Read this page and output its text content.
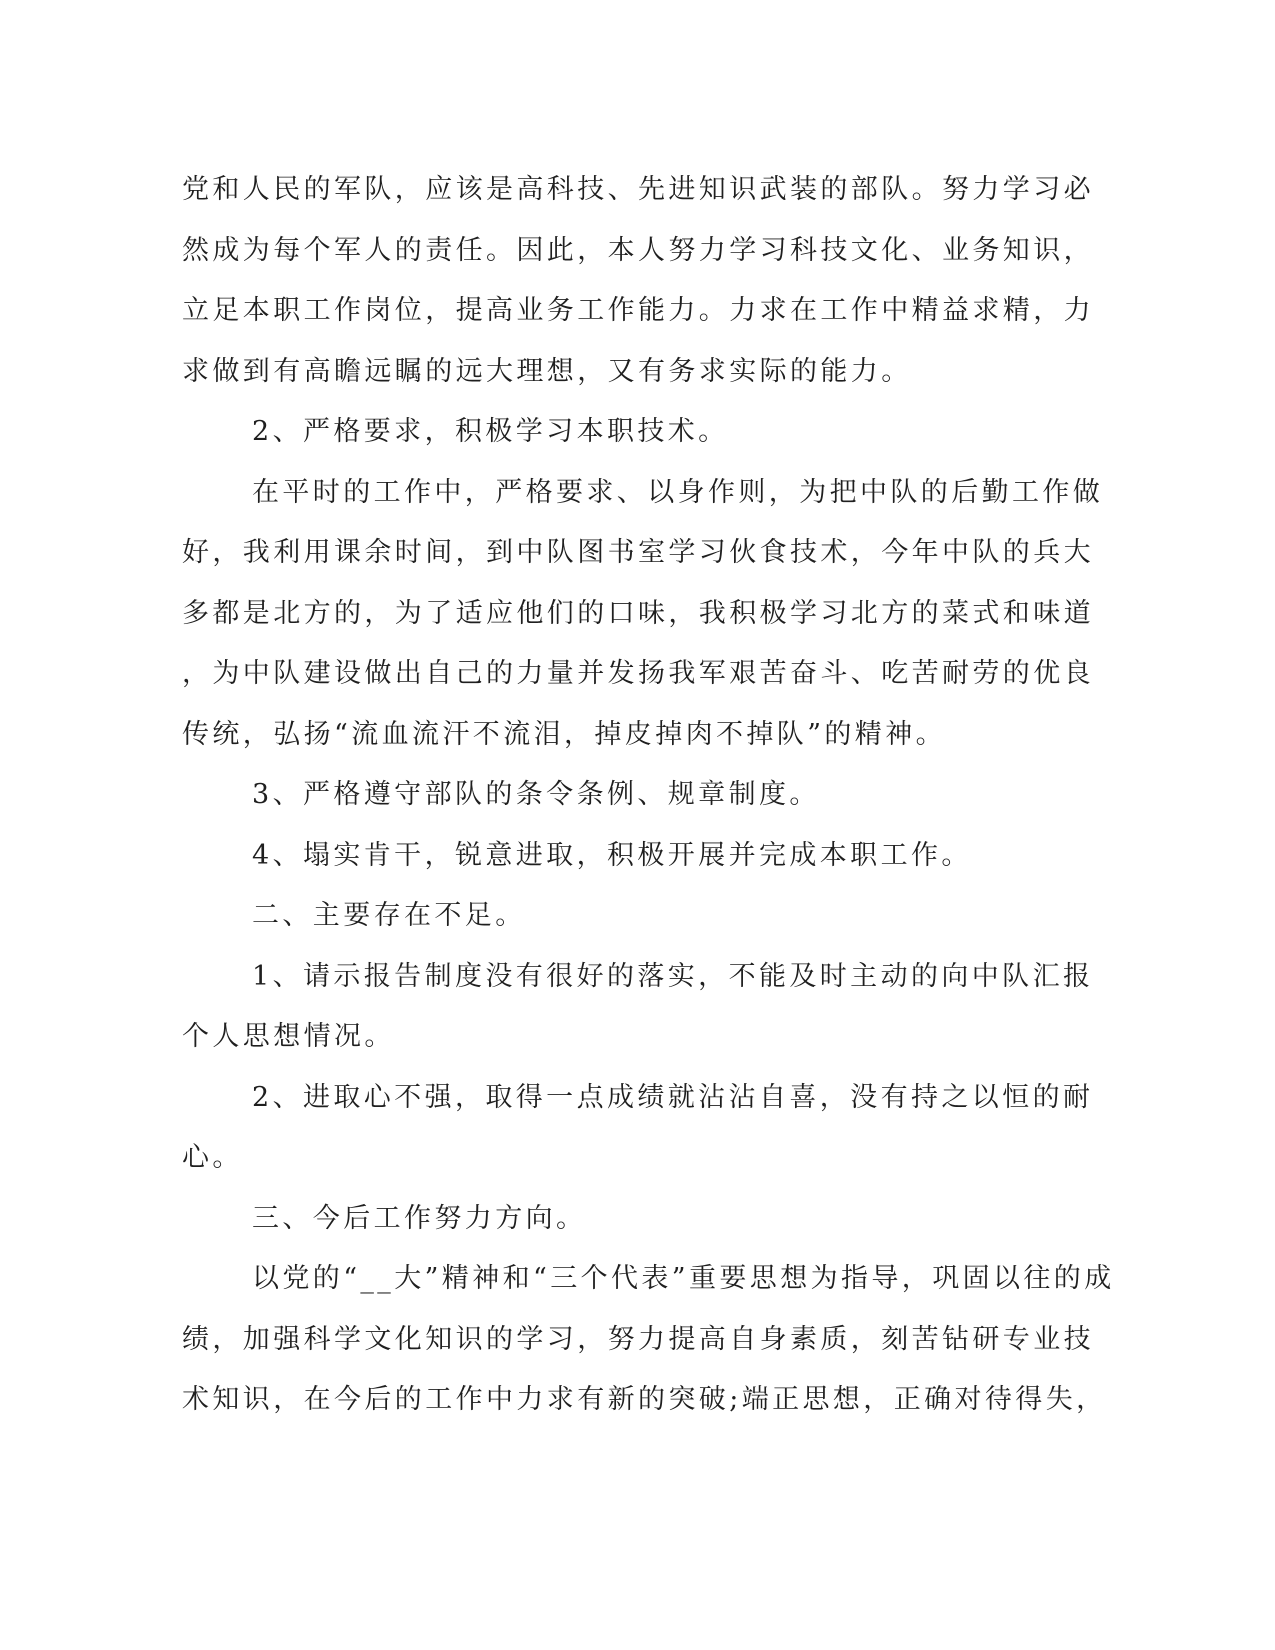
党和人民的军队，应该是高科技、先进知识武装的部队。努力学习必
然成为每个军人的责任。因此，本人努力学习科技文化、业务知识，
立足本职工作岗位，提高业务工作能力。力求在工作中精益求精，力
求做到有高瞻远瞩的远大理想，又有务求实际的能力。
2、严格要求，积极学习本职技术。
在平时的工作中，严格要求、以身作则，为把中队的后勤工作做
好，我利用课余时间，到中队图书室学习伙食技术，今年中队的兵大
多都是北方的，为了适应他们的口味，我积极学习北方的菜式和味道
，为中队建设做出自己的力量并发扬我军艰苦奋斗、吃苦耐劳的优良
传统，弘扬“流血流汗不流泪，掉皮掉肉不掉队”的精神。
3、严格遵守部队的条令条例、规章制度。
4、塌实肯干，锐意进取，积极开展并完成本职工作。
二、主要存在不足。
1、请示报告制度没有很好的落实，不能及时主动的向中队汇报
个人思想情况。
2、进取心不强，取得一点成绩就沾沾自喜，没有持之以恒的耐
心。
三、今后工作努力方向。
以党的“__大”精神和“三个代表”重要思想为指导，巩固以往的成
绩，加强科学文化知识的学习，努力提高自身素质，刻苦钻研专业技
术知识，在今后的工作中力求有新的突破;端正思想，正确对待得失，
